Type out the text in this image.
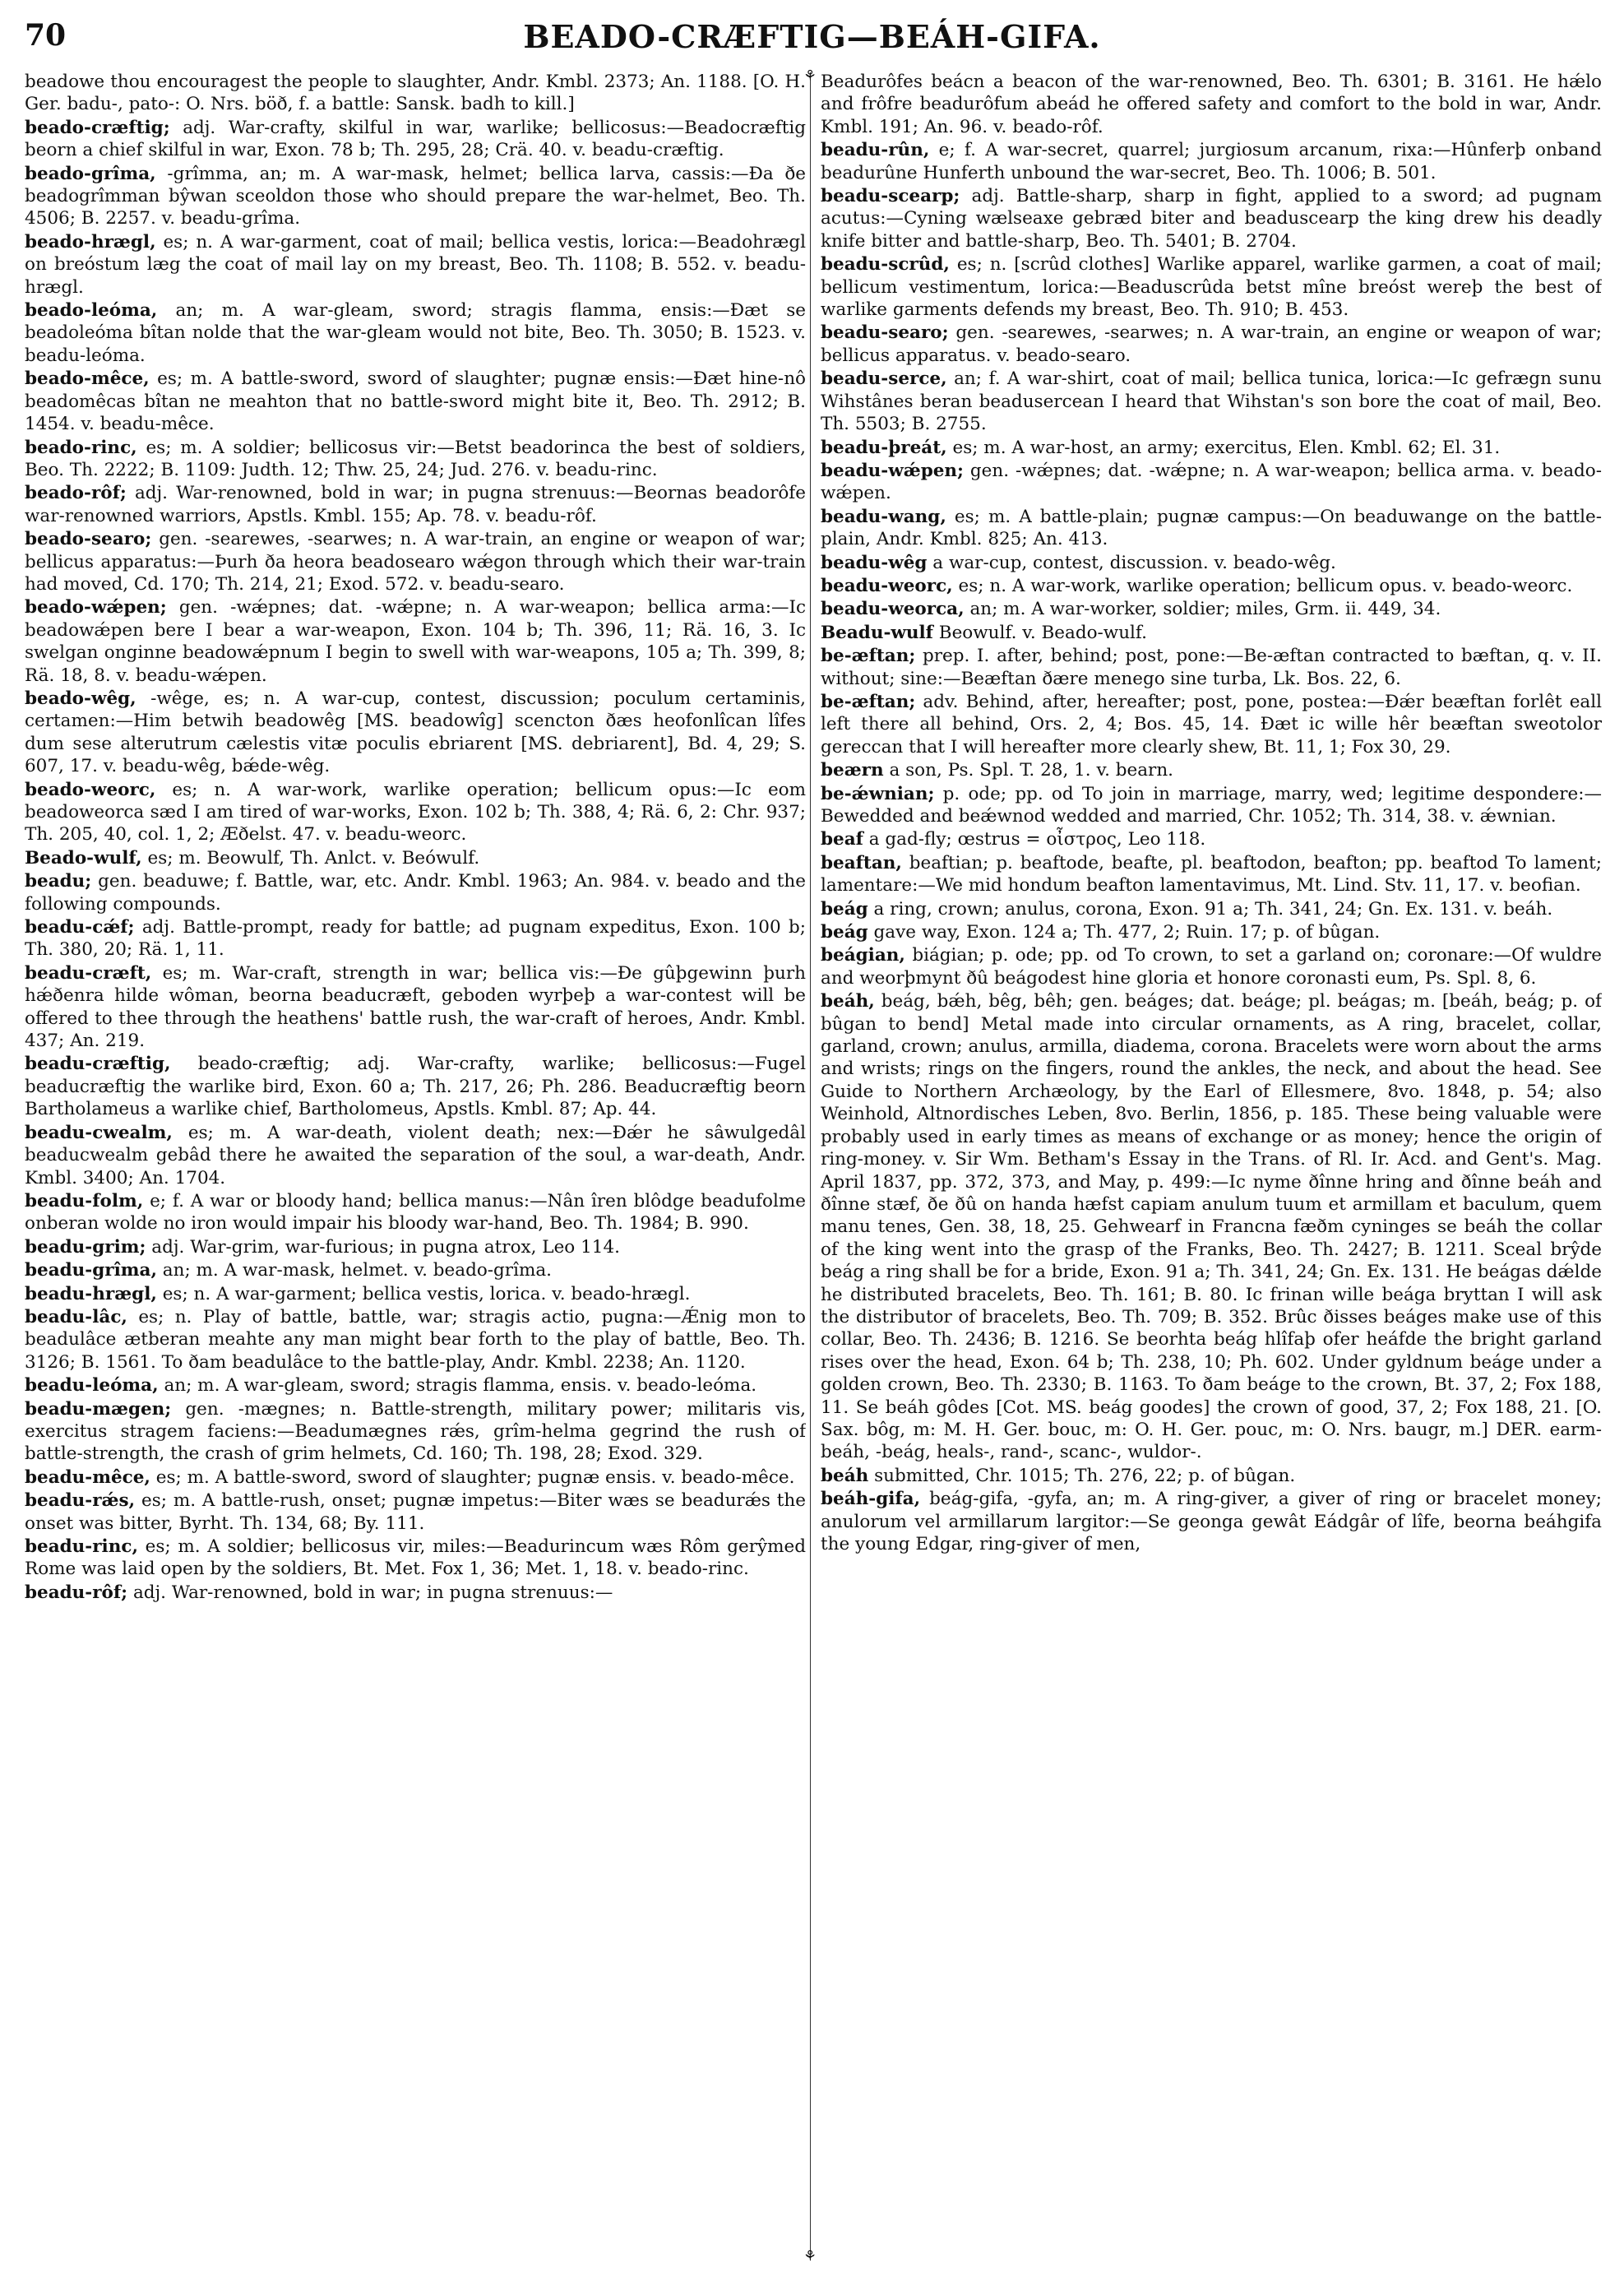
70	BEADO-CRÆFTIG—BEÁH-GIFA.
⚘
⚘

beadowe thou encouragest the people to slaughter, Andr. Kmbl. 2373; An. 1188. [O. H. Ger. badu-, pato-: O. Nrs. böð, f. a battle: Sansk. badh to kill.]

beado-cræftig; adj. War-crafty, skilful in war, warlike; bellicosus:—Beadocræftig beorn a chief skilful in war, Exon. 78 b; Th. 295, 28; Crä. 40. v. beadu-cræftig.

beado-grîma, -grîmma, an; m. A war-mask, helmet; bellica larva, cassis:—Ða ðe beadogrîmman bŷwan sceoldon those who should prepare the war-helmet, Beo. Th. 4506; B. 2257. v. beadu-grîma.

beado-hrægl, es; n. A war-garment, coat of mail; bellica vestis, lorica:—Beadohrægl on breóstum læg the coat of mail lay on my breast, Beo. Th. 1108; B. 552. v. beadu-hrægl.

beado-leóma, an; m. A war-gleam, sword; stragis flamma, ensis:—Ðæt se beadoleóma bîtan nolde that the war-gleam would not bite, Beo. Th. 3050; B. 1523. v. beadu-leóma.

beado-mêce, es; m. A battle-sword, sword of slaughter; pugnæ ensis:—Ðæt hine-nô beadomêcas bîtan ne meahton that no battle-sword might bite it, Beo. Th. 2912; B. 1454. v. beadu-mêce.

beado-rinc, es; m. A soldier; bellicosus vir:—Betst beadorinca the best of soldiers, Beo. Th. 2222; B. 1109: Judth. 12; Thw. 25, 24; Jud. 276. v. beadu-rinc.

beado-rôf; adj. War-renowned, bold in war; in pugna strenuus:—Beornas beadorôfe war-renowned warriors, Apstls. Kmbl. 155; Ap. 78. v. beadu-rôf.

beado-searo; gen. -searewes, -searwes; n. A war-train, an engine or weapon of war; bellicus apparatus:—Þurh ða heora beadosearo wǽgon through which their war-train had moved, Cd. 170; Th. 214, 21; Exod. 572. v. beadu-searo.

beado-wǽpen; gen. -wǽpnes; dat. -wǽpne; n. A war-weapon; bellica arma:—Ic beadowǽpen bere I bear a war-weapon, Exon. 104 b; Th. 396, 11; Rä. 16, 3. Ic swelgan onginne beadowǽpnum I begin to swell with war-weapons, 105 a; Th. 399, 8; Rä. 18, 8. v. beadu-wǽpen.

beado-wêg, -wêge, es; n. A war-cup, contest, discussion; poculum certaminis, certamen:—Him betwih beadowêg [MS. beadowîg] scencton ðæs heofonlîcan lîfes dum sese alterutrum cælestis vitæ poculis ebriarent [MS. debriarent], Bd. 4, 29; S. 607, 17. v. beadu-wêg, bǽde-wêg.

beado-weorc, es; n. A war-work, warlike operation; bellicum opus:—Ic eom beadoweorca sæd I am tired of war-works, Exon. 102 b; Th. 388, 4; Rä. 6, 2: Chr. 937; Th. 205, 40, col. 1, 2; Æðelst. 47. v. beadu-weorc.

Beado-wulf, es; m. Beowulf, Th. Anlct. v. Beówulf.

beadu; gen. beaduwe; f. Battle, war, etc. Andr. Kmbl. 1963; An. 984. v. beado and the following compounds.

beadu-cǽf; adj. Battle-prompt, ready for battle; ad pugnam expeditus, Exon. 100 b; Th. 380, 20; Rä. 1, 11.

beadu-cræft, es; m. War-craft, strength in war; bellica vis:—Ðe gûþgewinn þurh hǽðenra hilde wôman, beorna beaducræft, geboden wyrþeþ a war-contest will be offered to thee through the heathens' battle rush, the war-craft of heroes, Andr. Kmbl. 437; An. 219.

beadu-cræftig, beado-cræftig; adj. War-crafty, warlike; bellicosus:—Fugel beaducræftig the warlike bird, Exon. 60 a; Th. 217, 26; Ph. 286. Beaducræftig beorn Bartholameus a warlike chief, Bartholomeus, Apstls. Kmbl. 87; Ap. 44.

beadu-cwealm, es; m. A war-death, violent death; nex:—Ðǽr he sâwulgedâl beaducwealm gebâd there he awaited the separation of the soul, a war-death, Andr. Kmbl. 3400; An. 1704.

beadu-folm, e; f. A war or bloody hand; bellica manus:—Nân îren blôdge beadufolme onberan wolde no iron would impair his bloody war-hand, Beo. Th. 1984; B. 990.

beadu-grim; adj. War-grim, war-furious; in pugna atrox, Leo 114.

beadu-grîma, an; m. A war-mask, helmet. v. beado-grîma.

beadu-hrægl, es; n. A war-garment; bellica vestis, lorica. v. beado-hrægl.

beadu-lâc, es; n. Play of battle, battle, war; stragis actio, pugna:—Ǽnig mon to beadulâce ætberan meahte any man might bear forth to the play of battle, Beo. Th. 3126; B. 1561. To ðam beadulâce to the battle-play, Andr. Kmbl. 2238; An. 1120.

beadu-leóma, an; m. A war-gleam, sword; stragis flamma, ensis. v. beado-leóma.

beadu-mægen; gen. -mægnes; n. Battle-strength, military power; militaris vis, exercitus stragem faciens:—Beadumægnes rǽs, grîm-helma gegrind the rush of battle-strength, the crash of grim helmets, Cd. 160; Th. 198, 28; Exod. 329.

beadu-mêce, es; m. A battle-sword, sword of slaughter; pugnæ ensis. v. beado-mêce.

beadu-rǽs, es; m. A battle-rush, onset; pugnæ impetus:—Biter wæs se beadurǽs the onset was bitter, Byrht. Th. 134, 68; By. 111.

beadu-rinc, es; m. A soldier; bellicosus vir, miles:—Beadurincum wæs Rôm gerŷmed Rome was laid open by the soldiers, Bt. Met. Fox 1, 36; Met. 1, 18. v. beado-rinc.

beadu-rôf; adj. War-renowned, bold in war; in pugna strenuus:—

Beadurôfes beácn a beacon of the war-renowned, Beo. Th. 6301; B. 3161. He hǽlo and frôfre beadurôfum abeád he offered safety and comfort to the bold in war, Andr. Kmbl. 191; An. 96. v. beado-rôf.

beadu-rûn, e; f. A war-secret, quarrel; jurgiosum arcanum, rixa:—Hûnferþ onband beadurûne Hunferth unbound the war-secret, Beo. Th. 1006; B. 501.

beadu-scearp; adj. Battle-sharp, sharp in fight, applied to a sword; ad pugnam acutus:—Cyning wælseaxe gebræd biter and beaduscearp the king drew his deadly knife bitter and battle-sharp, Beo. Th. 5401; B. 2704.

beadu-scrûd, es; n. [scrûd clothes] Warlike apparel, warlike garmen, a coat of mail; bellicum vestimentum, lorica:—Beaduscrûda betst mîne breóst wereþ the best of warlike garments defends my breast, Beo. Th. 910; B. 453.

beadu-searo; gen. -searewes, -searwes; n. A war-train, an engine or weapon of war; bellicus apparatus. v. beado-searo.

beadu-serce, an; f. A war-shirt, coat of mail; bellica tunica, lorica:—Ic gefrægn sunu Wihstânes beran beadusercean I heard that Wihstan's son bore the coat of mail, Beo. Th. 5503; B. 2755.

beadu-þreát, es; m. A war-host, an army; exercitus, Elen. Kmbl. 62; El. 31.

beadu-wǽpen; gen. -wǽpnes; dat. -wǽpne; n. A war-weapon; bellica arma. v. beado-wǽpen.

beadu-wang, es; m. A battle-plain; pugnæ campus:—On beaduwange on the battle-plain, Andr. Kmbl. 825; An. 413.

beadu-wêg a war-cup, contest, discussion. v. beado-wêg.

beadu-weorc, es; n. A war-work, warlike operation; bellicum opus. v. beado-weorc.

beadu-weorca, an; m. A war-worker, soldier; miles, Grm. ii. 449, 34.

Beadu-wulf Beowulf. v. Beado-wulf.

be-æftan; prep. I. after, behind; post, pone:—Be-æftan contracted to bæftan, q. v. II. without; sine:—Beæftan ðære menego sine turba, Lk. Bos. 22, 6.

be-æftan; adv. Behind, after, hereafter; post, pone, postea:—Ðǽr beæftan forlêt eall left there all behind, Ors. 2, 4; Bos. 45, 14. Ðæt ic wille hêr beæftan sweotolor gereccan that I will hereafter more clearly shew, Bt. 11, 1; Fox 30, 29.

beærn a son, Ps. Spl. T. 28, 1. v. bearn.

be-ǽwnian; p. ode; pp. od To join in marriage, marry, wed; legitime despondere:—Bewedded and beǽwnod wedded and married, Chr. 1052; Th. 314, 38. v. ǽwnian.

beaf a gad-fly; œstrus = οἶστρος, Leo 118.

beaftan, beaftian; p. beaftode, beafte, pl. beaftodon, beafton; pp. beaftod To lament; lamentare:—We mid hondum beafton lamentavimus, Mt. Lind. Stv. 11, 17. v. beofian.

beág a ring, crown; anulus, corona, Exon. 91 a; Th. 341, 24; Gn. Ex. 131. v. beáh.

beág gave way, Exon. 124 a; Th. 477, 2; Ruin. 17; p. of bûgan.

beágian, biágian; p. ode; pp. od To crown, to set a garland on; coronare:—Of wuldre and weorþmynt ðû beágodest hine gloria et honore coronasti eum, Ps. Spl. 8, 6.

beáh, beág, bǽh, bêg, bêh; gen. beáges; dat. beáge; pl. beágas; m. [beáh, beág; p. of bûgan to bend] Metal made into circular ornaments, as A ring, bracelet, collar, garland, crown; anulus, armilla, diadema, corona. Bracelets were worn about the arms and wrists; rings on the fingers, round the ankles, the neck, and about the head. See Guide to Northern Archæology, by the Earl of Ellesmere, 8vo. 1848, p. 54; also Weinhold, Altnordisches Leben, 8vo. Berlin, 1856, p. 185. These being valuable were probably used in early times as means of exchange or as money; hence the origin of ring-money. v. Sir Wm. Betham's Essay in the Trans. of Rl. Ir. Acd. and Gent's. Mag. April 1837, pp. 372, 373, and May, p. 499:—Ic nyme ðînne hring and ðînne beáh and ðînne stæf, ðe ðû on handa hæfst capiam anulum tuum et armillam et baculum, quem manu tenes, Gen. 38, 18, 25. Gehwearf in Francna fæðm cyninges se beáh the collar of the king went into the grasp of the Franks, Beo. Th. 2427; B. 1211. Sceal brŷde beág a ring shall be for a bride, Exon. 91 a; Th. 341, 24; Gn. Ex. 131. He beágas dǽlde he distributed bracelets, Beo. Th. 161; B. 80. Ic frinan wille beága bryttan I will ask the distributor of bracelets, Beo. Th. 709; B. 352. Brûc ðisses beáges make use of this collar, Beo. Th. 2436; B. 1216. Se beorhta beág hlîfaþ ofer heáfde the bright garland rises over the head, Exon. 64 b; Th. 238, 10; Ph. 602. Under gyldnum beáge under a golden crown, Beo. Th. 2330; B. 1163. To ðam beáge to the crown, Bt. 37, 2; Fox 188, 11. Se beáh gôdes [Cot. MS. beág goodes] the crown of good, 37, 2; Fox 188, 21. [O. Sax. bôg, m: M. H. Ger. bouc, m: O. H. Ger. pouc, m: O. Nrs. baugr, m.] DER. earm-beáh, -beág, heals-, rand-, scanc-, wuldor-.

beáh submitted, Chr. 1015; Th. 276, 22; p. of bûgan.

beáh-gifa, beág-gifa, -gyfa, an; m. A ring-giver, a giver of ring or bracelet money; anulorum vel armillarum largitor:—Se geonga gewât Eádgâr of lîfe, beorna beáhgifa the young Edgar, ring-giver of men,
